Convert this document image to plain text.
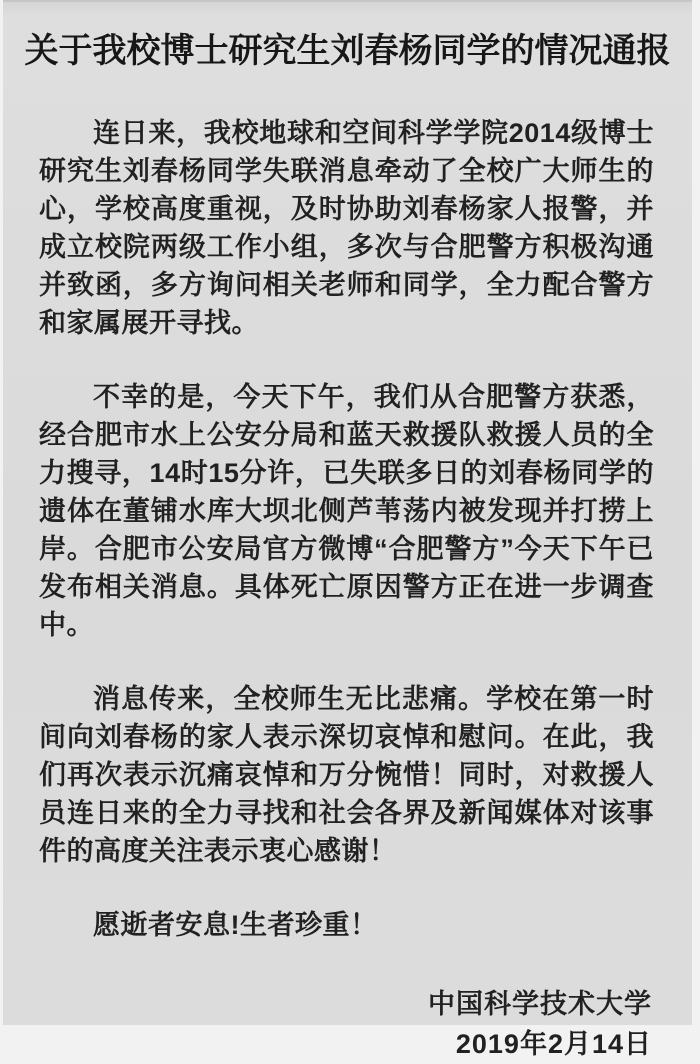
关于我校博士研究生刘春杨同学的情况通报

连日来，我校地球和空间科学学院2014级博士研究生刘春杨同学失联消息牵动了全校广大师生的心，学校高度重视，及时协助刘春杨家人报警，并成立校院两级工作小组，多次与合肥警方积极沟通并致函，多方询问相关老师和同学，全力配合警方和家属展开寻找。

不幸的是，今天下午，我们从合肥警方获悉，经合肥市水上公安分局和蓝天救援队救援人员的全力搜寻，14时15分许，已失联多日的刘春杨同学的遗体在董铺水库大坝北侧芦苇荡内被发现并打捞上岸。合肥市公安局官方微博“合肥警方”今天下午已发布相关消息。具体死亡原因警方正在进一步调查中。

消息传来，全校师生无比悲痛。学校在第一时间向刘春杨的家人表示深切哀悼和慰问。在此，我们再次表示沉痛哀悼和万分惋惜！同时，对救援人员连日来的全力寻找和社会各界及新闻媒体对该事件的高度关注表示衷心感谢！

愿逝者安息!生者珍重！

中国科学技术大学
2019年2月14日
